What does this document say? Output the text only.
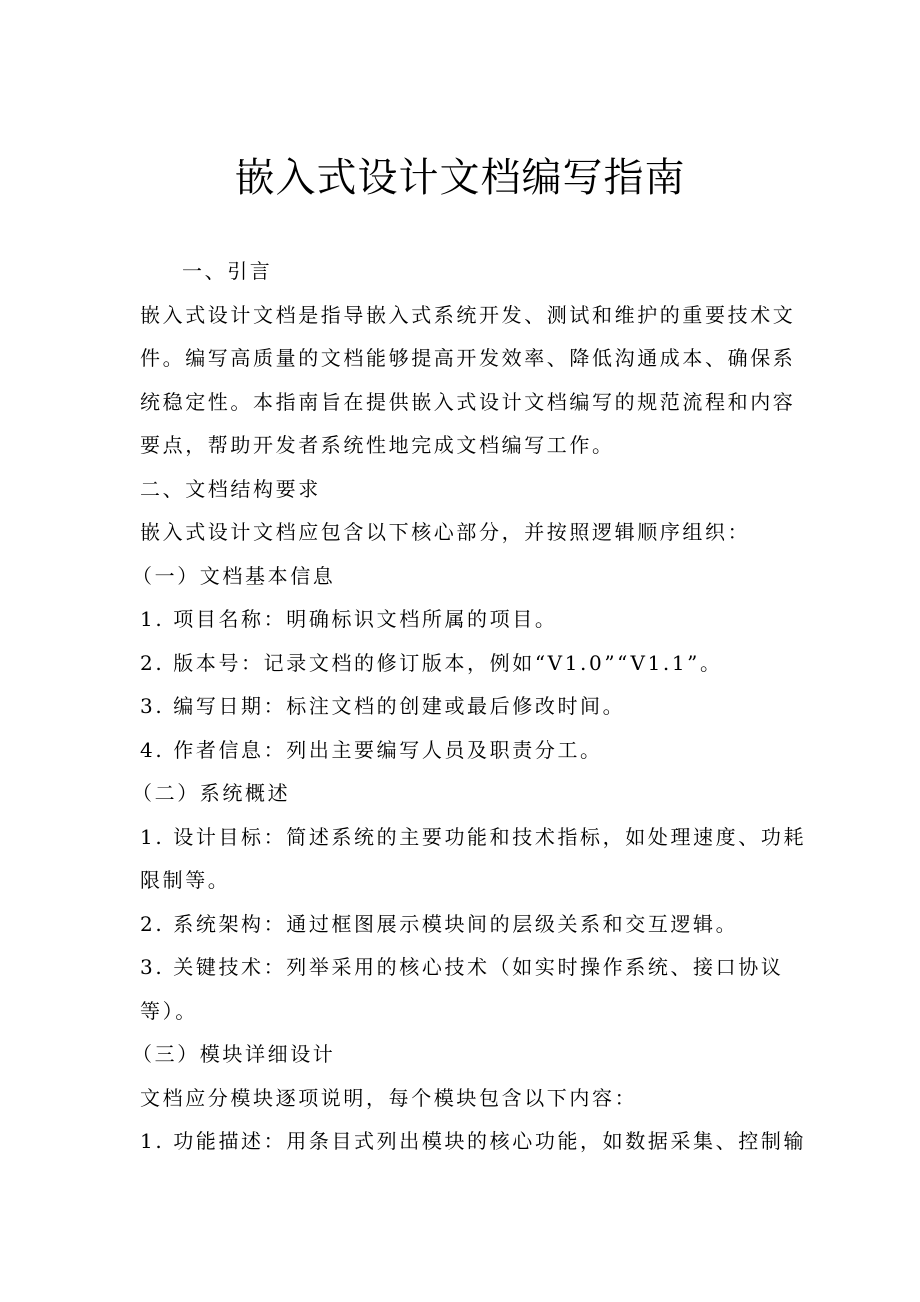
嵌入式设计文档编写指南

一、引言

嵌入式设计文档是指导嵌入式系统开发、测试和维护的重要技术文

件。编写高质量的文档能够提高开发效率、降低沟通成本、确保系

统稳定性。本指南旨在提供嵌入式设计文档编写的规范流程和内容

要点，帮助开发者系统性地完成文档编写工作。

二、文档结构要求

嵌入式设计文档应包含以下核心部分，并按照逻辑顺序组织：

（一）文档基本信息

1. 项目名称：明确标识文档所属的项目。

2. 版本号：记录文档的修订版本，例如“V1.0”“V1.1”。

3. 编写日期：标注文档的创建或最后修改时间。

4. 作者信息：列出主要编写人员及职责分工。

（二）系统概述

1. 设计目标：简述系统的主要功能和技术指标，如处理速度、功耗

限制等。

2. 系统架构：通过框图展示模块间的层级关系和交互逻辑。

3. 关键技术：列举采用的核心技术（如实时操作系统、接口协议

等）。

（三）模块详细设计

文档应分模块逐项说明，每个模块包含以下内容：

1. 功能描述：用条目式列出模块的核心功能，如数据采集、控制输
